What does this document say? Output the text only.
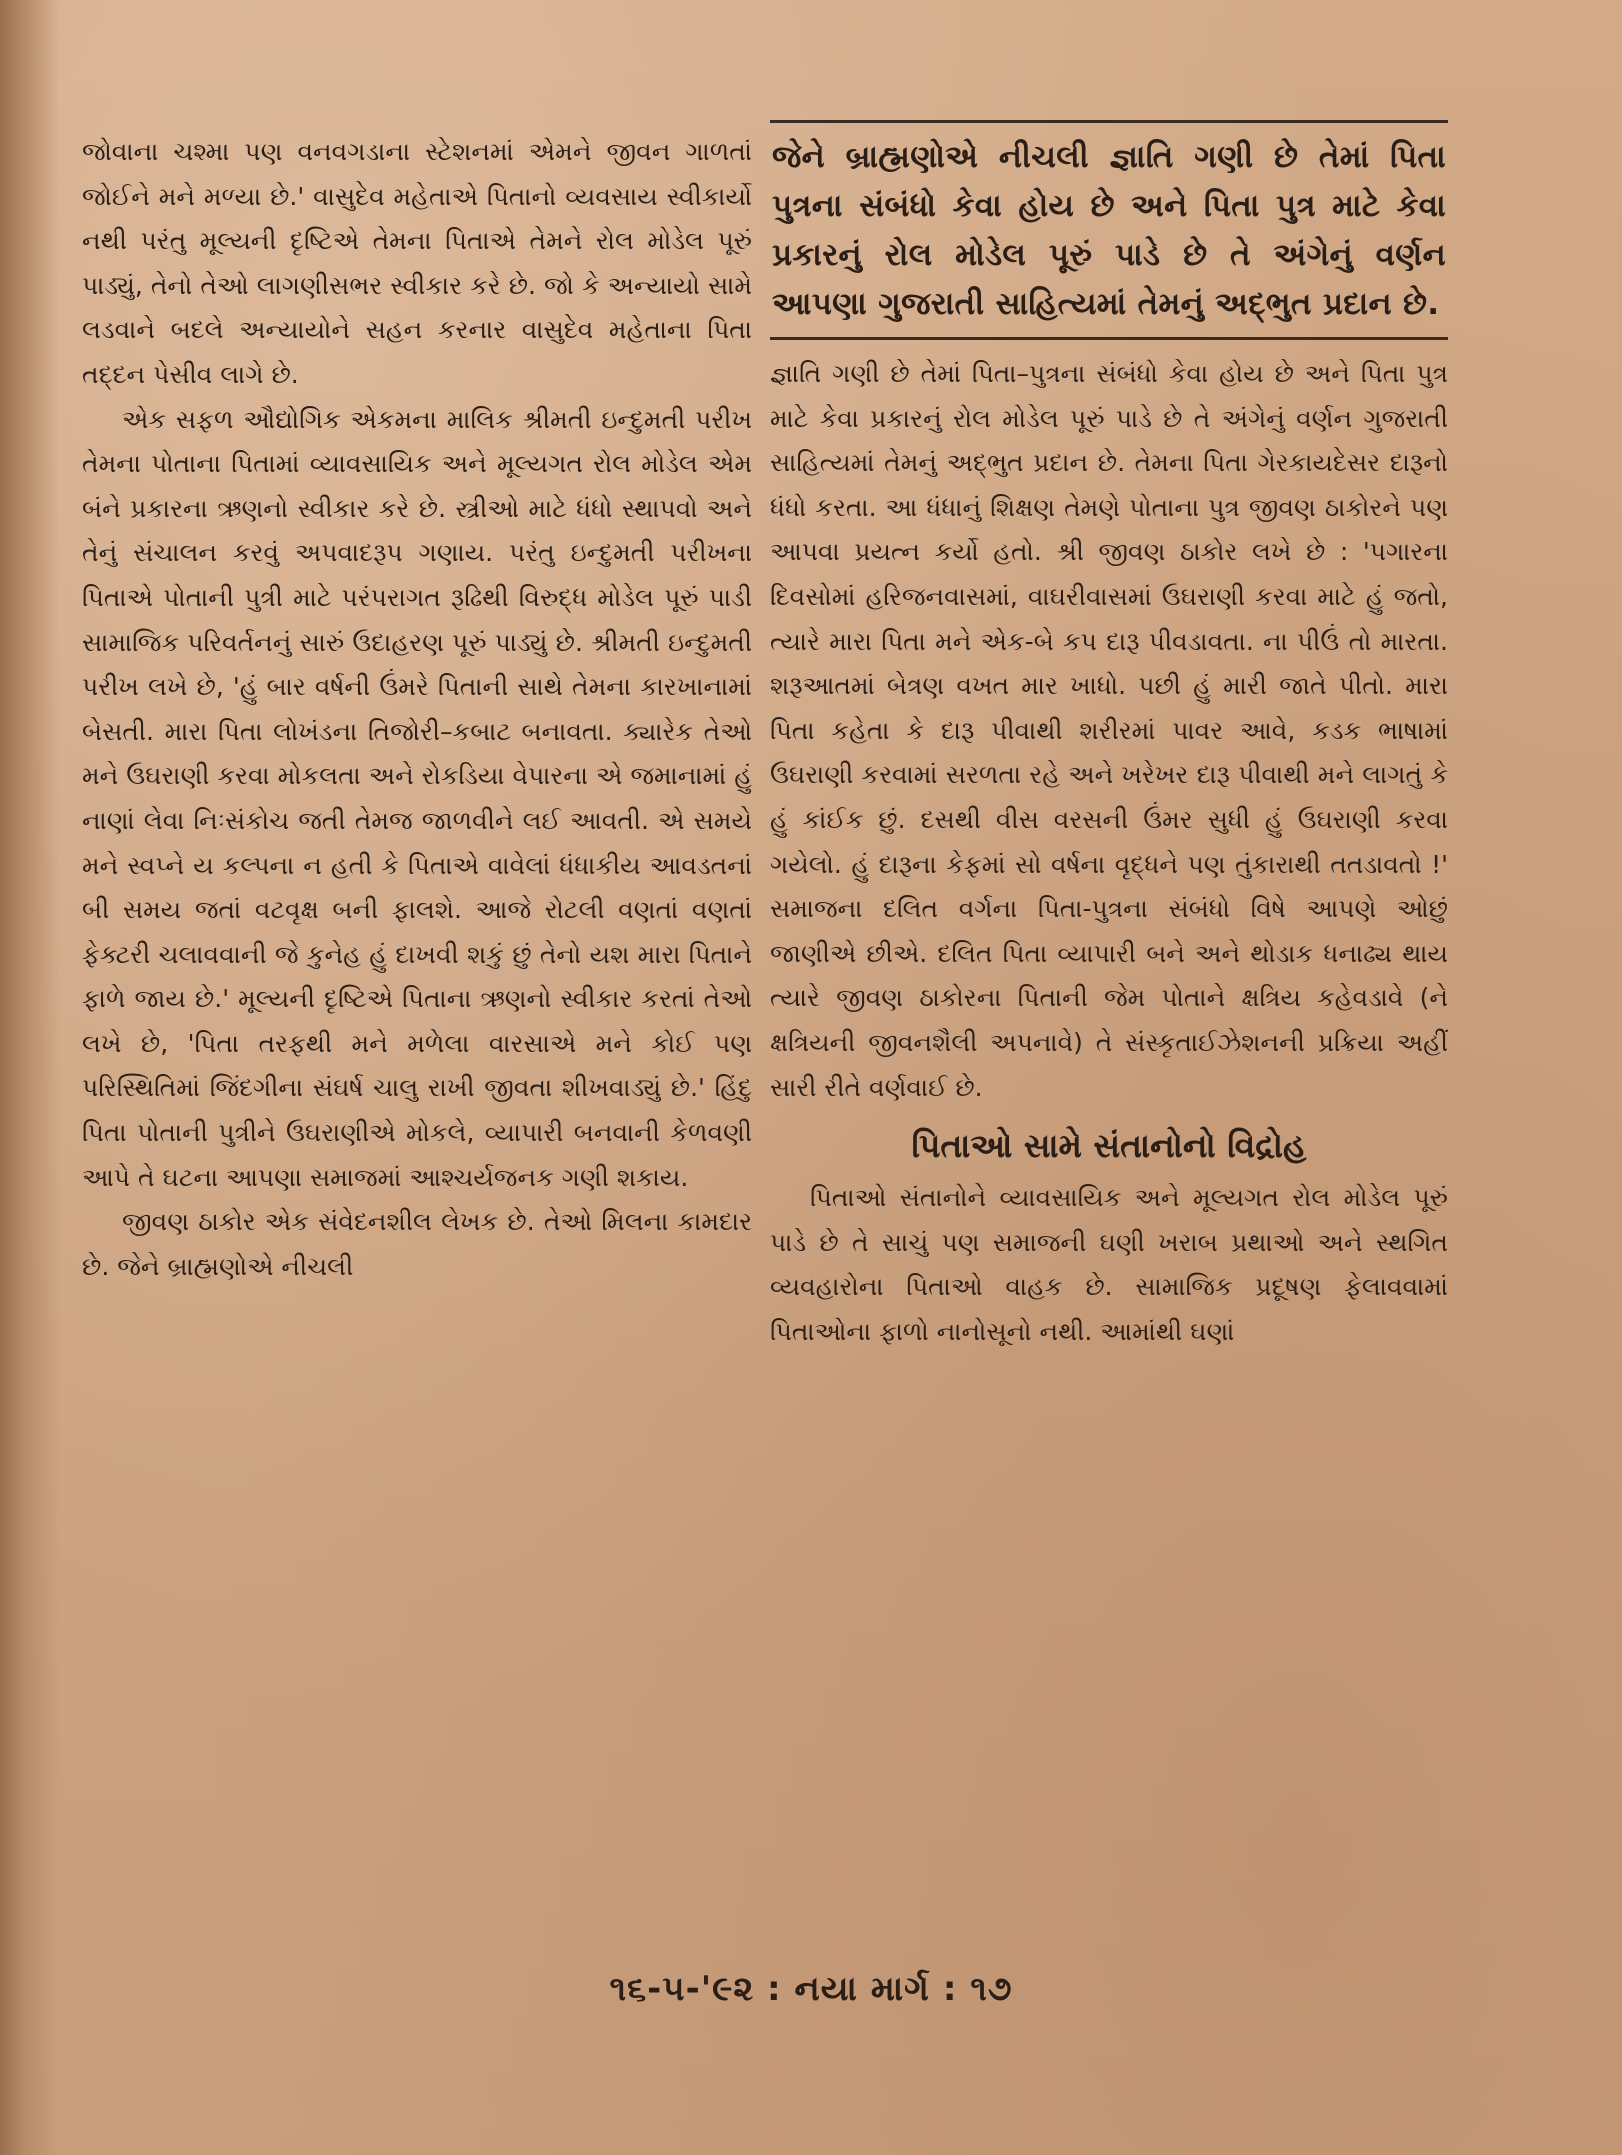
જોવાના ચશ્મા પણ વનવગડાના સ્ટેશનમાં એમને જીવન ગાળતાં જોઈને મને મળ્યા છે.' વાસુદેવ મહેતાએ પિતાનો વ્યવસાય સ્વીકાર્યો નથી પરંતુ મૂલ્યની દૃષ્ટિએ તેમના પિતાએ તેમને રોલ મોડેલ પૂરું પાડ્યું, તેનો તેઓ લાગણીસભર સ્વીકાર કરે છે. જો કે અન્યાયો સામે લડવાને બદલે અન્યાયોને સહન કરનાર વાસુદેવ મહેતાના પિતા તદ્દન પેસીવ લાગે છે.

એક સફળ ઔદ્યોગિક એકમના માલિક શ્રીમતી ઇન્દુમતી પરીખ તેમના પોતાના પિતામાં વ્યાવસાયિક અને મૂલ્યગત રોલ મોડેલ એમ બંને પ્રકારના ઋણનો સ્વીકાર કરે છે. સ્ત્રીઓ માટે ધંધો સ્થાપવો અને તેનું સંચાલન કરવું અપવાદરૂપ ગણાય. પરંતુ ઇન્દુમતી પરીખના પિતાએ પોતાની પુત્રી માટે પરંપરાગત રૂઢિથી વિરુદ્ધ મોડેલ પૂરું પાડી સામાજિક પરિવર્તનનું સારું ઉદાહરણ પૂરું પાડ્યું છે. શ્રીમતી ઇન્દુમતી પરીખ લખે છે, 'હું બાર વર્ષની ઉંમરે પિતાની સાથે તેમના કારખાનામાં બેસતી. મારા પિતા લોખંડના તિજોરી–કબાટ બનાવતા. ક્યારેક તેઓ મને ઉઘરાણી કરવા મોકલતા અને રોકડિયા વેપારના એ જમાનામાં હું નાણાં લેવા નિઃસંકોચ જતી તેમજ જાળવીને લઈ આવતી. એ સમયે મને સ્વપ્ને ય કલ્પના ન હતી કે પિતાએ વાવેલાં ધંધાકીય આવડતનાં બી સમય જતાં વટવૃક્ષ બની ફાલશે. આજે રોટલી વણતાં વણતાં ફેક્ટરી ચલાવવાની જે કુનેહ હું દાખવી શકું છું તેનો યશ મારા પિતાને ફાળે જાય છે.' મૂલ્યની દૃષ્ટિએ પિતાના ઋણનો સ્વીકાર કરતાં તેઓ લખે છે, 'પિતા તરફથી મને મળેલા વારસાએ મને કોઈ પણ પરિસ્થિતિમાં જિંદગીના સંઘર્ષ ચાલુ રાખી જીવતા શીખવાડ્યું છે.' હિંદુ પિતા પોતાની પુત્રીને ઉઘરાણીએ મોકલે, વ્યાપારી બનવાની કેળવણી આપે તે ઘટના આપણા સમાજમાં આશ્ચર્યજનક ગણી શકાય.

જીવણ ઠાકોર એક સંવેદનશીલ લેખક છે. તેઓ મિલના કામદાર છે. જેને બ્રાહ્મણોએ નીચલી

જેને બ્રાહ્મણોએ નીચલી જ્ઞાતિ ગણી છે તેમાં પિતા પુત્રના સંબંધો કેવા હોય છે અને પિતા પુત્ર માટે કેવા પ્રકારનું રોલ મોડેલ પૂરું પાડે છે તે અંગેનું વર્ણન આપણા ગુજરાતી સાહિત્યમાં તેમનું અદ્ભુત પ્રદાન છે.

જ્ઞાતિ ગણી છે તેમાં પિતા–પુત્રના સંબંધો કેવા હોય છે અને પિતા પુત્ર માટે કેવા પ્રકારનું રોલ મોડેલ પૂરું પાડે છે તે અંગેનું વર્ણન ગુજરાતી સાહિત્યમાં તેમનું અદ્ભુત પ્રદાન છે. તેમના પિતા ગેરકાયદેસર દારૂનો ધંધો કરતા. આ ધંધાનું શિક્ષણ તેમણે પોતાના પુત્ર જીવણ ઠાકોરને પણ આપવા પ્રયત્ન કર્યો હતો. શ્રી જીવણ ઠાકોર લખે છે : 'પગારના દિવસોમાં હરિજનવાસમાં, વાઘરીવાસમાં ઉઘરાણી કરવા માટે હું જતો, ત્યારે મારા પિતા મને એક-બે કપ દારૂ પીવડાવતા. ના પીઉં તો મારતા. શરૂઆતમાં બેત્રણ વખત માર ખાધો. પછી હું મારી જાતે પીતો. મારા પિતા કહેતા કે દારૂ પીવાથી શરીરમાં પાવર આવે, કડક ભાષામાં ઉઘરાણી કરવામાં સરળતા રહે અને ખરેખર દારૂ પીવાથી મને લાગતું કે હું કાંઈક છું. દસથી વીસ વરસની ઉંમર સુધી હું ઉઘરાણી કરવા ગયેલો. હું દારૂના કેફમાં સો વર્ષના વૃદ્ધને પણ તુંકારાથી તતડાવતો !' સમાજના દલિત વર્ગના પિતા-પુત્રના સંબંધો વિષે આપણે ઓછું જાણીએ છીએ. દલિત પિતા વ્યાપારી બને અને થોડાક ધનાઢ્ય થાય ત્યારે જીવણ ઠાકોરના પિતાની જેમ પોતાને ક્ષત્રિય કહેવડાવે (ને ક્ષત્રિયની જીવનશૈલી અપનાવે) તે સંસ્કૃતાઈઝેશનની પ્રક્રિયા અહીં સારી રીતે વર્ણવાઈ છે.

પિતાઓ સામે સંતાનોનો વિદ્રોહ

પિતાઓ સંતાનોને વ્યાવસાયિક અને મૂલ્યગત રોલ મોડેલ પૂરું પાડે છે તે સાચું પણ સમાજની ઘણી ખરાબ પ્રથાઓ અને સ્થગિત વ્યવહારોના પિતાઓ વાહક છે. સામાજિક પ્રદૂષણ ફેલાવવામાં પિતાઓના ફાળો નાનોસૂનો નથી. આમાંથી ઘણાં

૧૬-૫-'૯૨ : નયા માર્ગ : ૧૭
